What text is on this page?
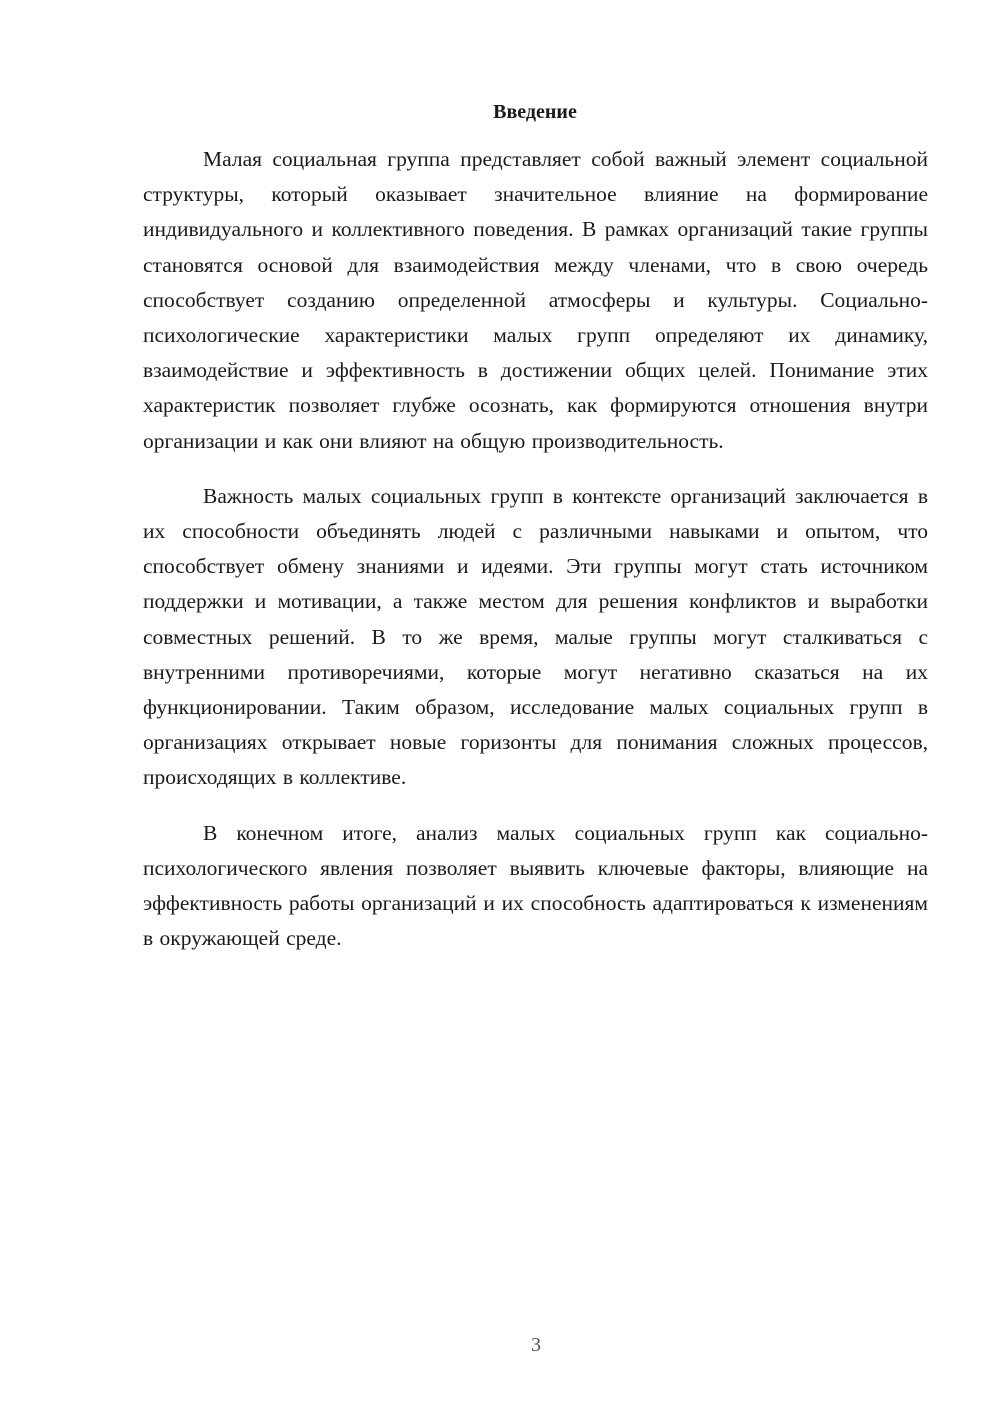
Введение

Малая социальная группа представляет собой важный элемент социальной структуры, который оказывает значительное влияние на формирование индивидуального и коллективного поведения. В рамках организаций такие группы становятся основой для взаимодействия между членами, что в свою очередь способствует созданию определенной атмосферы и культуры. Социально-психологические характеристики малых групп определяют их динамику, взаимодействие и эффективность в достижении общих целей. Понимание этих характеристик позволяет глубже осознать, как формируются отношения внутри организации и как они влияют на общую производительность.

Важность малых социальных групп в контексте организаций заключается в их способности объединять людей с различными навыками и опытом, что способствует обмену знаниями и идеями. Эти группы могут стать источником поддержки и мотивации, а также местом для решения конфликтов и выработки совместных решений. В то же время, малые группы могут сталкиваться с внутренними противоречиями, которые могут негативно сказаться на их функционировании. Таким образом, исследование малых социальных групп в организациях открывает новые горизонты для понимания сложных процессов, происходящих в коллективе.

В конечном итоге, анализ малых социальных групп как социально-психологического явления позволяет выявить ключевые факторы, влияющие на эффективность работы организаций и их способность адаптироваться к изменениям в окружающей среде.

3
